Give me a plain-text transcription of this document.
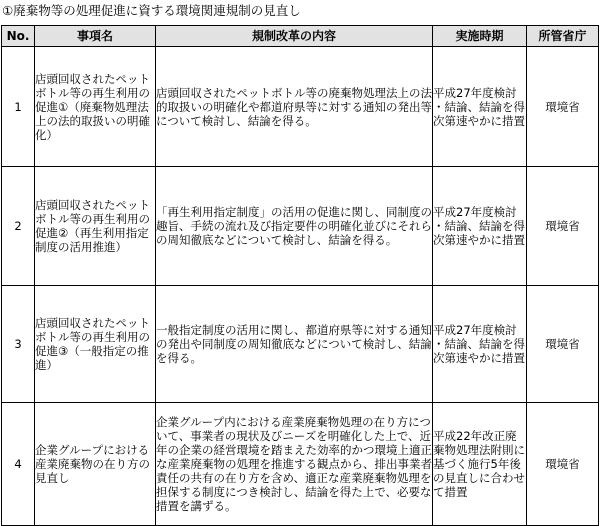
①廃棄物等の処理促進に資する環境関連規制の見直し
No.	事項名	規制改革の内容	実施時期	所管省庁
1	店頭回収されたペットボトル等の再生利用の促進①（廃棄物処理法上の法的取扱いの明確化）	店頭回収されたペットボトル等の廃棄物処理法上の法的取扱いの明確化や都道府県等に対する通知の発出等について検討し、結論を得る。	平成27年度検討・結論、結論を得次第速やかに措置	環境省
2	店頭回収されたペットボトル等の再生利用の促進②（再生利用指定制度の活用推進）	「再生利用指定制度」の活用の促進に関し、同制度の趣旨、手続の流れ及び指定要件の明確化並びにそれらの周知徹底などについて検討し、結論を得る。	平成27年度検討・結論、結論を得次第速やかに措置	環境省
3	店頭回収されたペットボトル等の再生利用の促進③（一般指定の推進）	一般指定制度の活用に関し、都道府県等に対する通知の発出や同制度の周知徹底などについて検討し、結論を得る。	平成27年度検討・結論、結論を得次第速やかに措置	環境省
4	企業グループにおける産業廃棄物の在り方の見直し	企業グループ内における産業廃棄物処理の在り方について、事業者の現状及びニーズを明確化した上で、近年の企業の経営環境を踏まえた効率的かつ環境上適正な産業廃棄物の処理を推進する観点から、排出事業者責任の共有の在り方を含め、適正な産業廃棄物処理を担保する制度につき検討し、結論を得た上で、必要な措置を講ずる。	平成22年改正廃棄物処理法附則に基づく施行5年後の見直しに合わせて措置	環境省
